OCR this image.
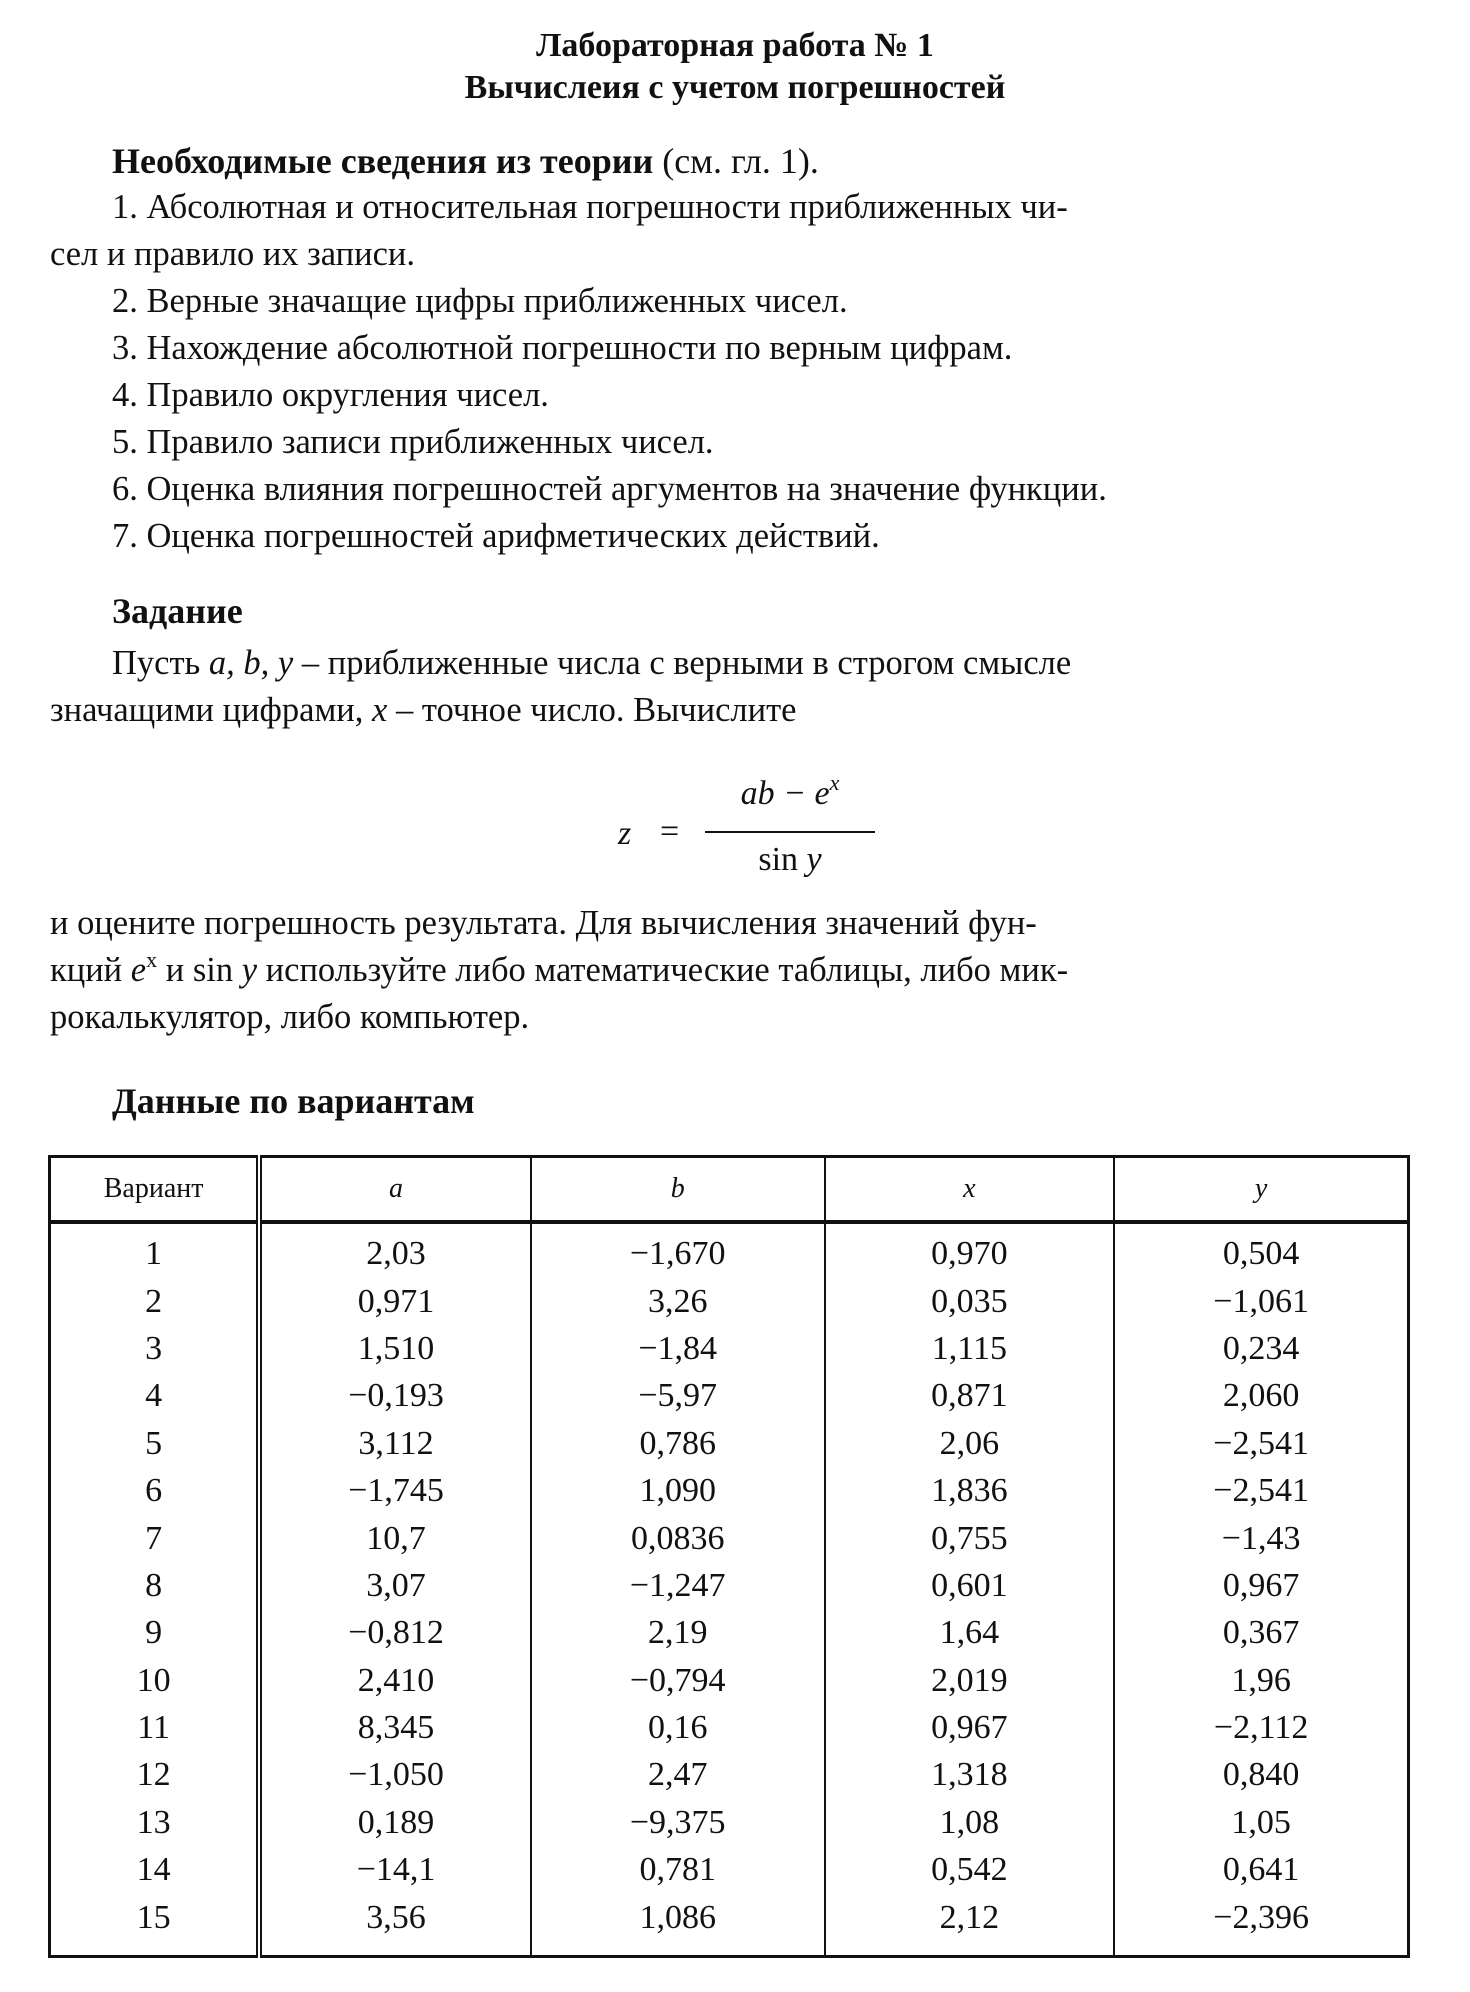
Лабораторная работа № 1
Вычислеия с учетом погрешностей
Необходимые сведения из теории (см. гл. 1).
1. Абсолютная и относительная погрешности приближенных чи-
сел и правило их записи.
2. Верные значащие цифры приближенных чисел.
3. Нахождение абсолютной погрешности по верным цифрам.
4. Правило округления чисел.
5. Правило записи приближенных чисел.
6. Оценка влияния погрешностей аргументов на значение функции.
7. Оценка погрешностей арифметических действий.
Задание
Пусть a, b, y – приближенные числа с верными в строгом смысле
значащими цифрами, x – точное число. Вычислите
z =
ab − $e^x$
sin y
и оцените погрешность результата. Для вычисления значений фун-
кций $e^x$ и sin y используйте либо математические таблицы, либо мик-
рокалькулятор, либо компьютер.
Данные по вариантам
Вариант	a	b	x	y
1	2,03	−1,670	0,970	0,504
2	0,971	3,26	0,035	−1,061
3	1,510	−1,84	1,115	0,234
4	−0,193	−5,97	0,871	2,060
5	3,112	0,786	2,06	−2,541
6	−1,745	1,090	1,836	−2,541
7	10,7	0,0836	0,755	−1,43
8	3,07	−1,247	0,601	0,967
9	−0,812	2,19	1,64	0,367
10	2,410	−0,794	2,019	1,96
11	8,345	0,16	0,967	−2,112
12	−1,050	2,47	1,318	0,840
13	0,189	−9,375	1,08	1,05
14	−14,1	0,781	0,542	0,641
15	3,56	1,086	2,12	−2,396
